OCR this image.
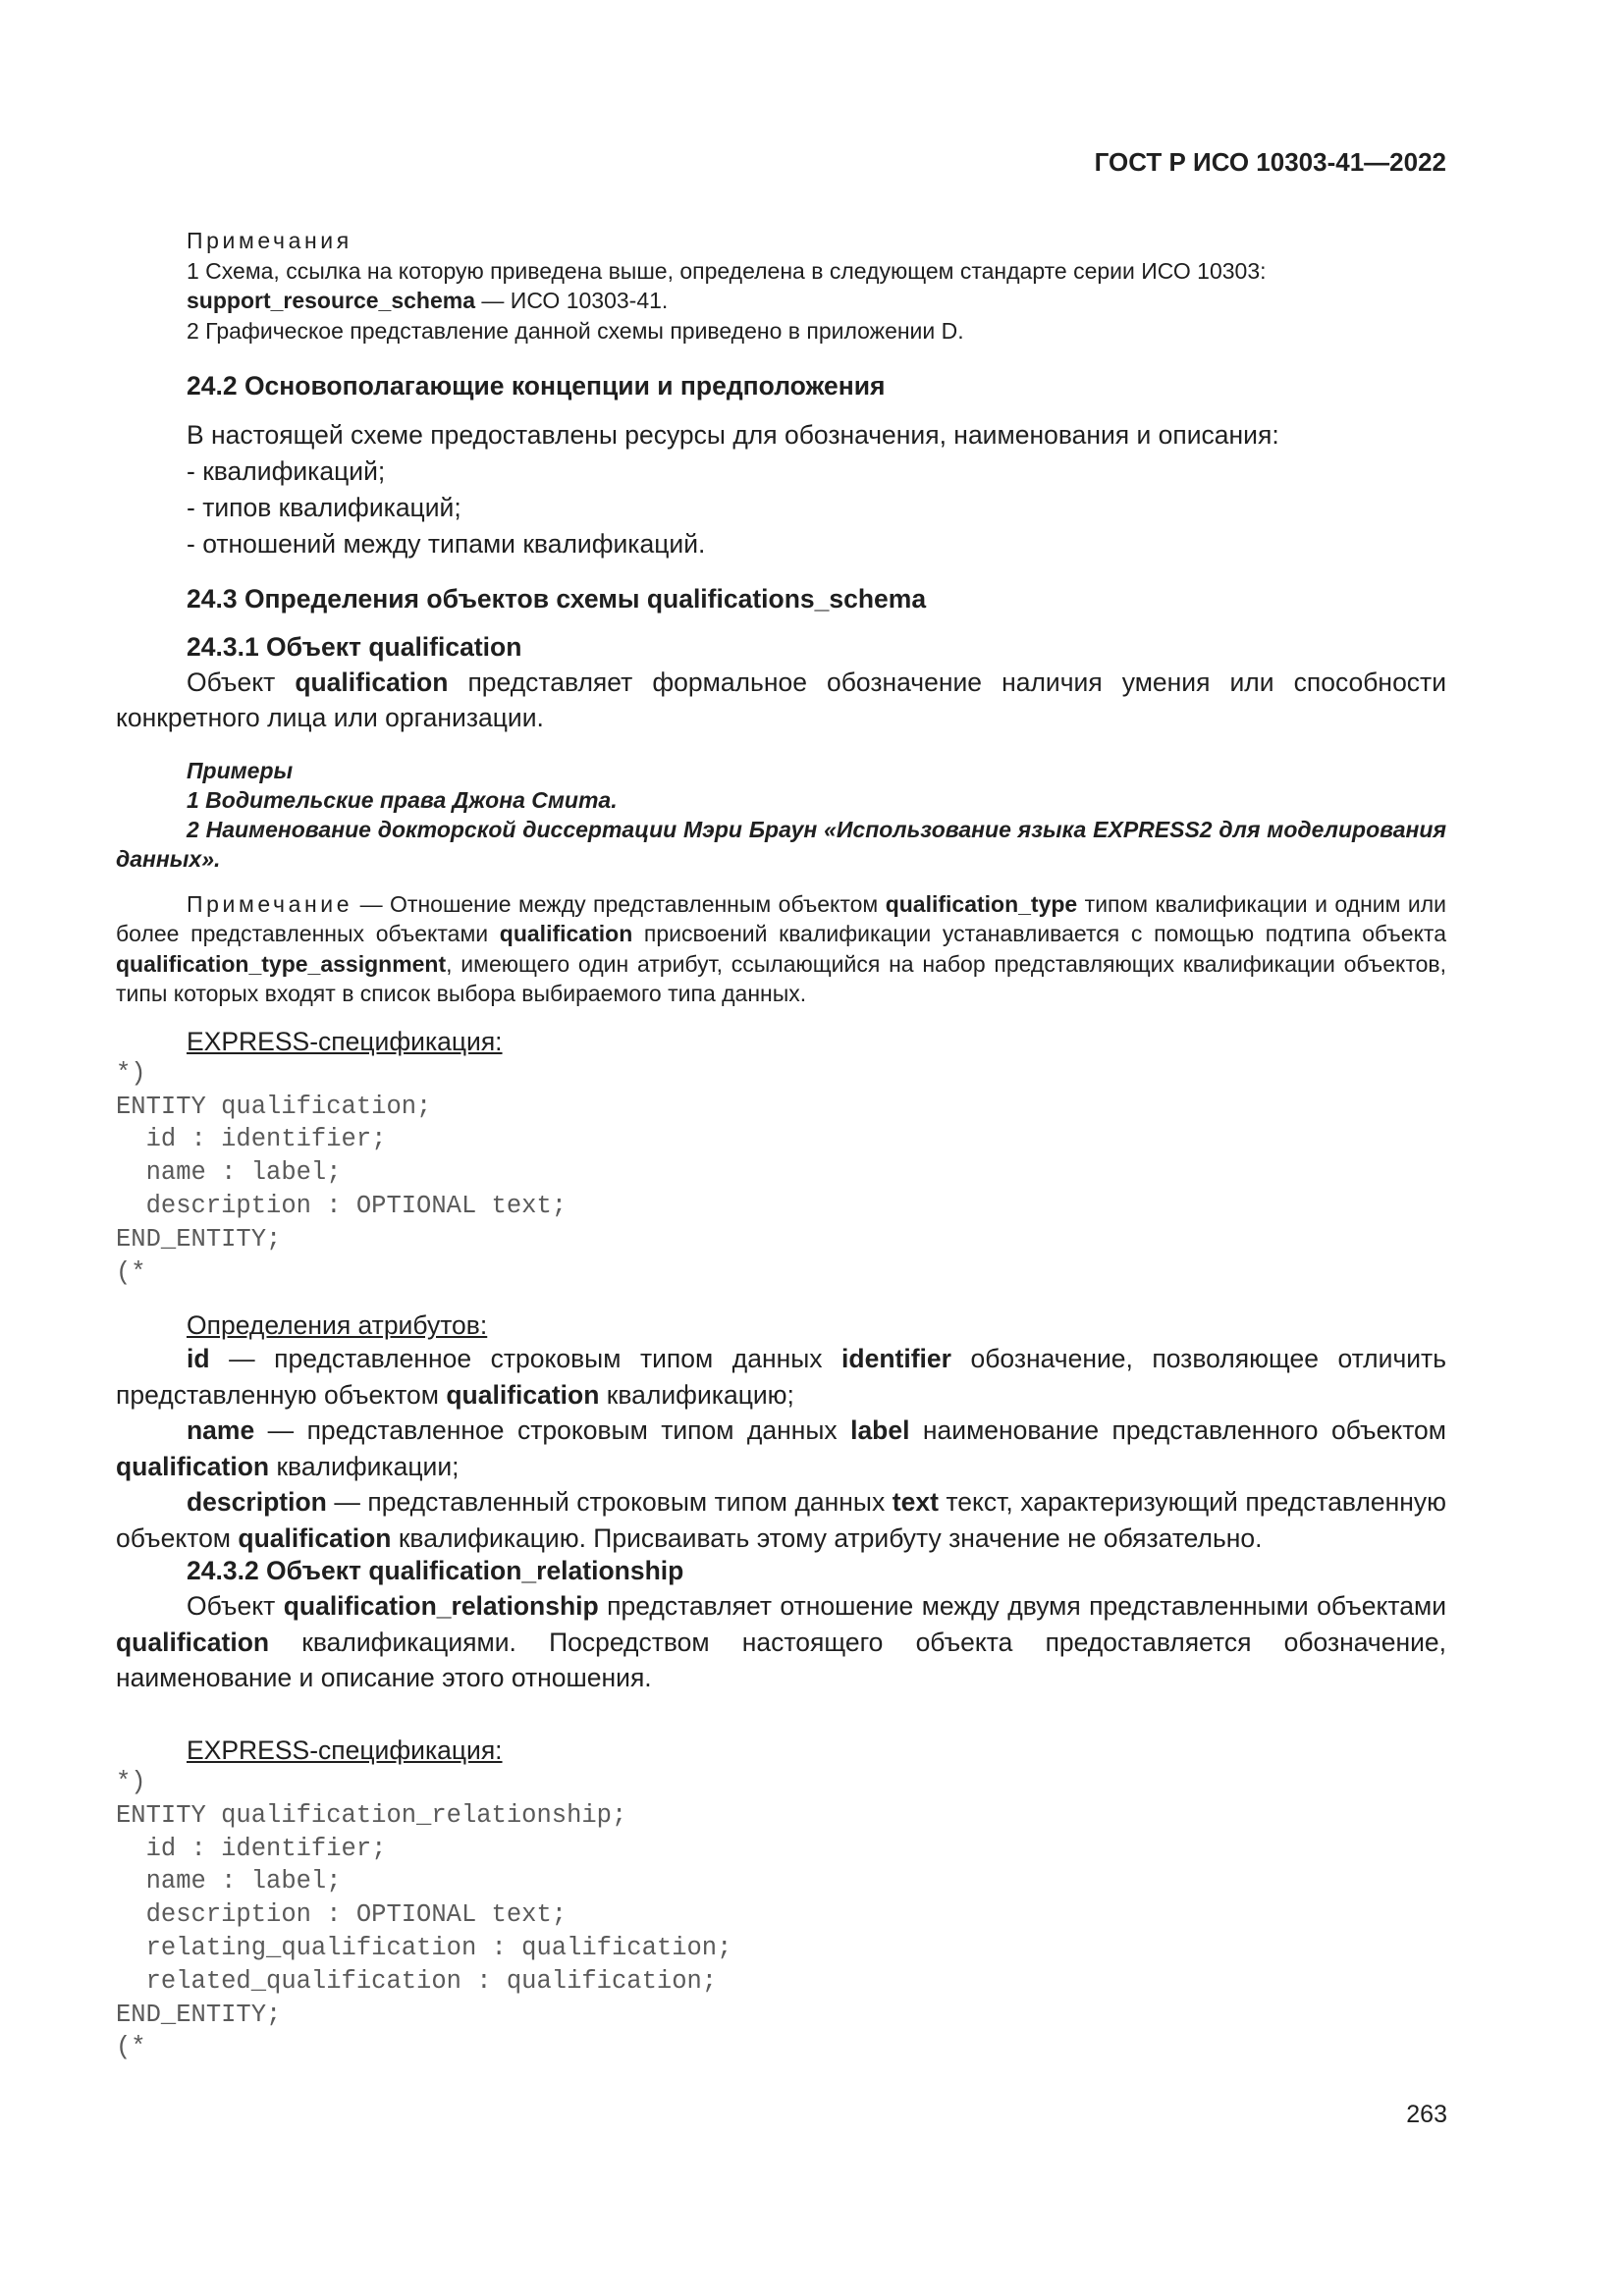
ГОСТ Р ИСО 10303-41—2022

Примечания

1 Схема, ссылка на которую приведена выше, определена в следующем стандарте серии ИСО 10303:
support_resource_schema — ИСО 10303-41.

2 Графическое представление данной схемы приведено в приложении D.

24.2 Основополагающие концепции и предположения

В настоящей схеме предоставлены ресурсы для обозначения, наименования и описания:

- квалификаций;
- типов квалификаций;
- отношений между типами квалификаций.

24.3 Определения объектов схемы qualifications_schema

24.3.1 Объект qualification

Объект qualification представляет формальное обозначение наличия умения или способности конкретного лица или организации.

Примеры

1 Водительские права Джона Смита.

2 Наименование докторской диссертации Мэри Браун «Использование языка EXPRESS2 для моделирования данных».

Примечание — Отношение между представленным объектом qualification_type типом квалификации и одним или более представленных объектами qualification присвоений квалификации устанавливается с помощью подтипа объекта qualification_type_assignment, имеющего один атрибут, ссылающийся на набор представляющих квалификации объектов, типы которых входят в список выбора выбираемого типа данных.

EXPRESS-спецификация:

*)
ENTITY qualification;
id : identifier;
name : label;
description : OPTIONAL text;
END_ENTITY;
(*

Определения атрибутов:

id — представленное строковым типом данных identifier обозначение, позволяющее отличить представленную объектом qualification квалификацию;

name — представленное строковым типом данных label наименование представленного объектом qualification квалификации;

description — представленный строковым типом данных text текст, характеризующий представленную объектом qualification квалификацию. Присваивать этому атрибуту значение не обязательно.

24.3.2 Объект qualification_relationship

Объект qualification_relationship представляет отношение между двумя представленными объектами qualification квалификациями. Посредством настоящего объекта предоставляется обозначение, наименование и описание этого отношения.

EXPRESS-спецификация:

*)
ENTITY qualification_relationship;
id : identifier;
name : label;
description : OPTIONAL text;
relating_qualification : qualification;
related_qualification : qualification;
END_ENTITY;
(*
263
